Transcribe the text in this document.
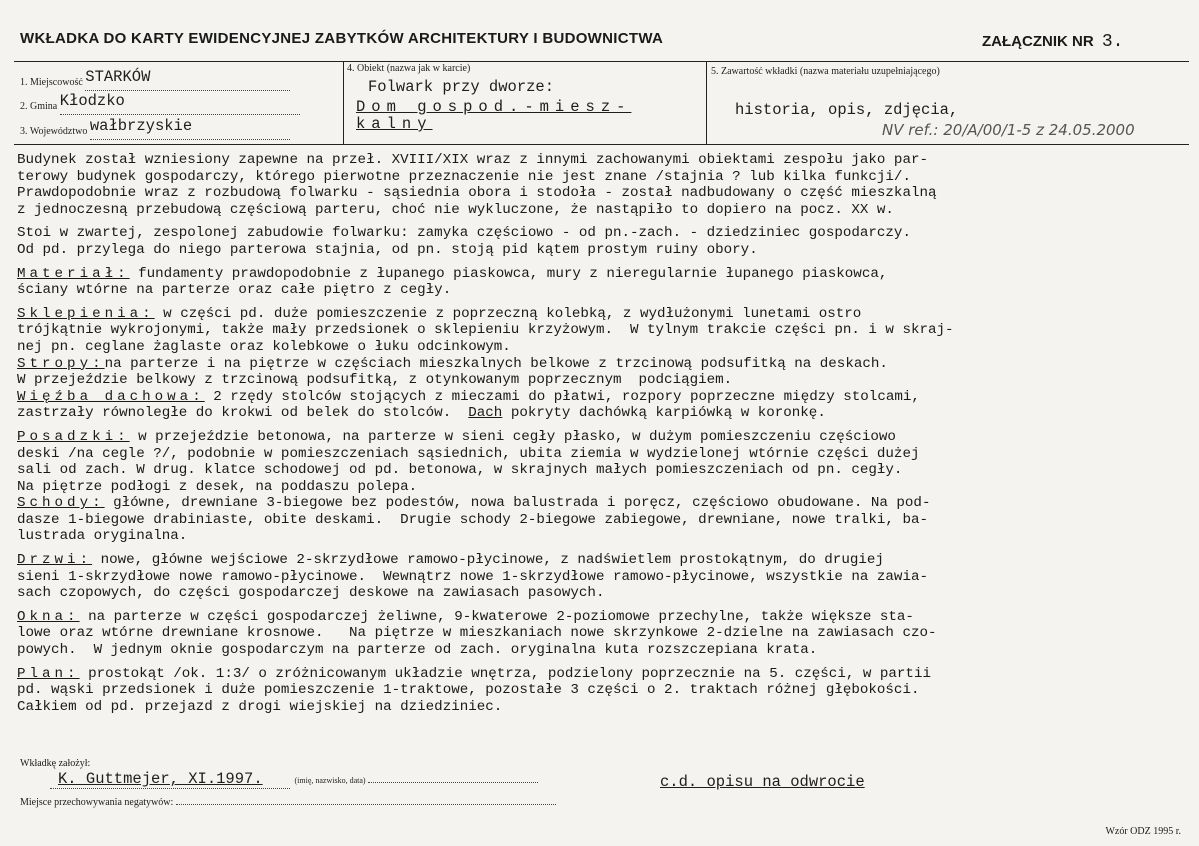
WKŁADKA DO KARTY EWIDENCYJNEJ ZABYTKÓW ARCHITEKTURY I BUDOWNICTWA	ZAŁĄCZNIK NR 3.
1. Miejscowość STARKÓW
2. Gmina Kłodzko
3. Województwo wałbrzyskie
4. Obiekt (nazwa jak w karcie)
Folwark przy dworze:
Dom gospod.-miesz-
kalny
5. Zawartość wkładki (nazwa materiału uzupełniającego)
historia, opis, zdjęcia,
NV ref.: 20/A/00/1-5 z 24.05.2000

Budynek został wzniesiony zapewne na przeł. XVIII/XIX wraz z innymi zachowanymi obiektami zespołu jako par-

terowy budynek gospodarczy, którego pierwotne przeznaczenie nie jest znane /stajnia ? lub kilka funkcji/.

Prawdopodobnie wraz z rozbudową folwarku - sąsiednia obora i stodoła - został nadbudowany o część mieszkalną

z jednoczesną przebudową częściową parteru, choć nie wykluczone, że nastąpiło to dopiero na pocz. XX w.

Stoi w zwartej, zespolonej zabudowie folwarku: zamyka częściowo - od pn.-zach. - dziedziniec gospodarczy.

Od pd. przylega do niego parterowa stajnia, od pn. stoją pid kątem prostym ruiny obory.

Materiał: fundamenty prawdopodobnie z łupanego piaskowca, mury z nieregularnie łupanego piaskowca,

ściany wtórne na parterze oraz całe piętro z cegły.

Sklepienia: w części pd. duże pomieszczenie z poprzeczną kolebką, z wydłużonymi lunetami ostro

trójkątnie wykrojonymi, także mały przedsionek o sklepieniu krzyżowym.  W tylnym trakcie części pn. i w skraj-

nej pn. ceglane żaglaste oraz kolebkowe o łuku odcinkowym.

Stropy:na parterze i na piętrze w częściach mieszkalnych belkowe z trzcinową podsufitką na deskach.

W przejeździe belkowy z trzcinową podsufitką, z otynkowanym poprzecznym  podciągiem.

Więźba dachowa: 2 rzędy stolców stojących z mieczami do płatwi, rozpory poprzeczne między stolcami,

zastrzały równoległe do krokwi od belek do stolców.  Dach pokryty dachówką karpiówką w koronkę.

Posadzki: w przejeździe betonowa, na parterze w sieni cegły płasko, w dużym pomieszczeniu częściowo

deski /na cegle ?/, podobnie w pomieszczeniach sąsiednich, ubita ziemia w wydzielonej wtórnie części dużej

sali od zach. W drug. klatce schodowej od pd. betonowa, w skrajnych małych pomieszczeniach od pn. cegły.

Na piętrze podłogi z desek, na poddaszu polepa.

Schody: główne, drewniane 3-biegowe bez podestów, nowa balustrada i poręcz, częściowo obudowane. Na pod-

dasze 1-biegowe drabiniaste, obite deskami.  Drugie schody 2-biegowe zabiegowe, drewniane, nowe tralki, ba-

lustrada oryginalna.

Drzwi: nowe, główne wejściowe 2-skrzydłowe ramowo-płycinowe, z nadświetlem prostokątnym, do drugiej

sieni 1-skrzydłowe nowe ramowo-płycinowe.  Wewnątrz nowe 1-skrzydłowe ramowo-płycinowe, wszystkie na zawia-

sach czopowych, do części gospodarczej deskowe na zawiasach pasowych.

Okna: na parterze w części gospodarczej żeliwne, 9-kwaterowe 2-poziomowe przechylne, także większe sta-

lowe oraz wtórne drewniane krosnowe.   Na piętrze w mieszkaniach nowe skrzynkowe 2-dzielne na zawiasach czo-

powych.  W jednym oknie gospodarczym na parterze od zach. oryginalna kuta rozszczepiana krata.

Plan: prostokąt /ok. 1:3/ o zróżnicowanym układzie wnętrza, podzielony poprzecznie na 5. części, w partii

pd. wąski przedsionek i duże pomieszczenie 1-traktowe, pozostałe 3 części o 2. traktach różnej głębokości.

Całkiem od pd. przejazd z drogi wiejskiej na dziedziniec.

Wkładkę założył:
K. Guttmejer, XI.1997.	(imię, nazwisko, data)	c.d. opisu na odwrocie
Miejsce przechowywania negatywów:
Wzór ODZ 1995 r.
